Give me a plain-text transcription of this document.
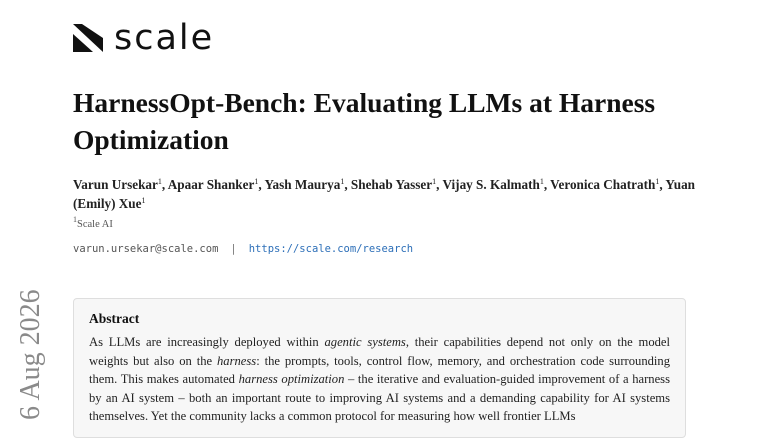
scale
HarnessOpt-Bench: Evaluating LLMs at Harness Optimization
Varun Ursekar$^1$, Apaar Shanker$^1$, Yash Maurya$^1$, Shehab Yasser$^1$, Vijay S. Kalmath$^1$, Veronica Chatrath$^1$, Yuan (Emily) Xue$^1$
$^1$Scale AI
varun.ursekar@scale.com | https://scale.com/research
6 Aug 2026	Abstract

As LLMs are increasingly deployed within agentic systems, their capabilities depend not only on the model weights but also on the harness: the prompts, tools, control flow, memory, and orchestration code surrounding them. This makes automated harness optimization – the iterative and evaluation-guided improvement of a harness by an AI system – both an important route to improving AI systems and a demanding capability for AI systems themselves. Yet the community lacks a common protocol for measuring how well frontier LLMs
